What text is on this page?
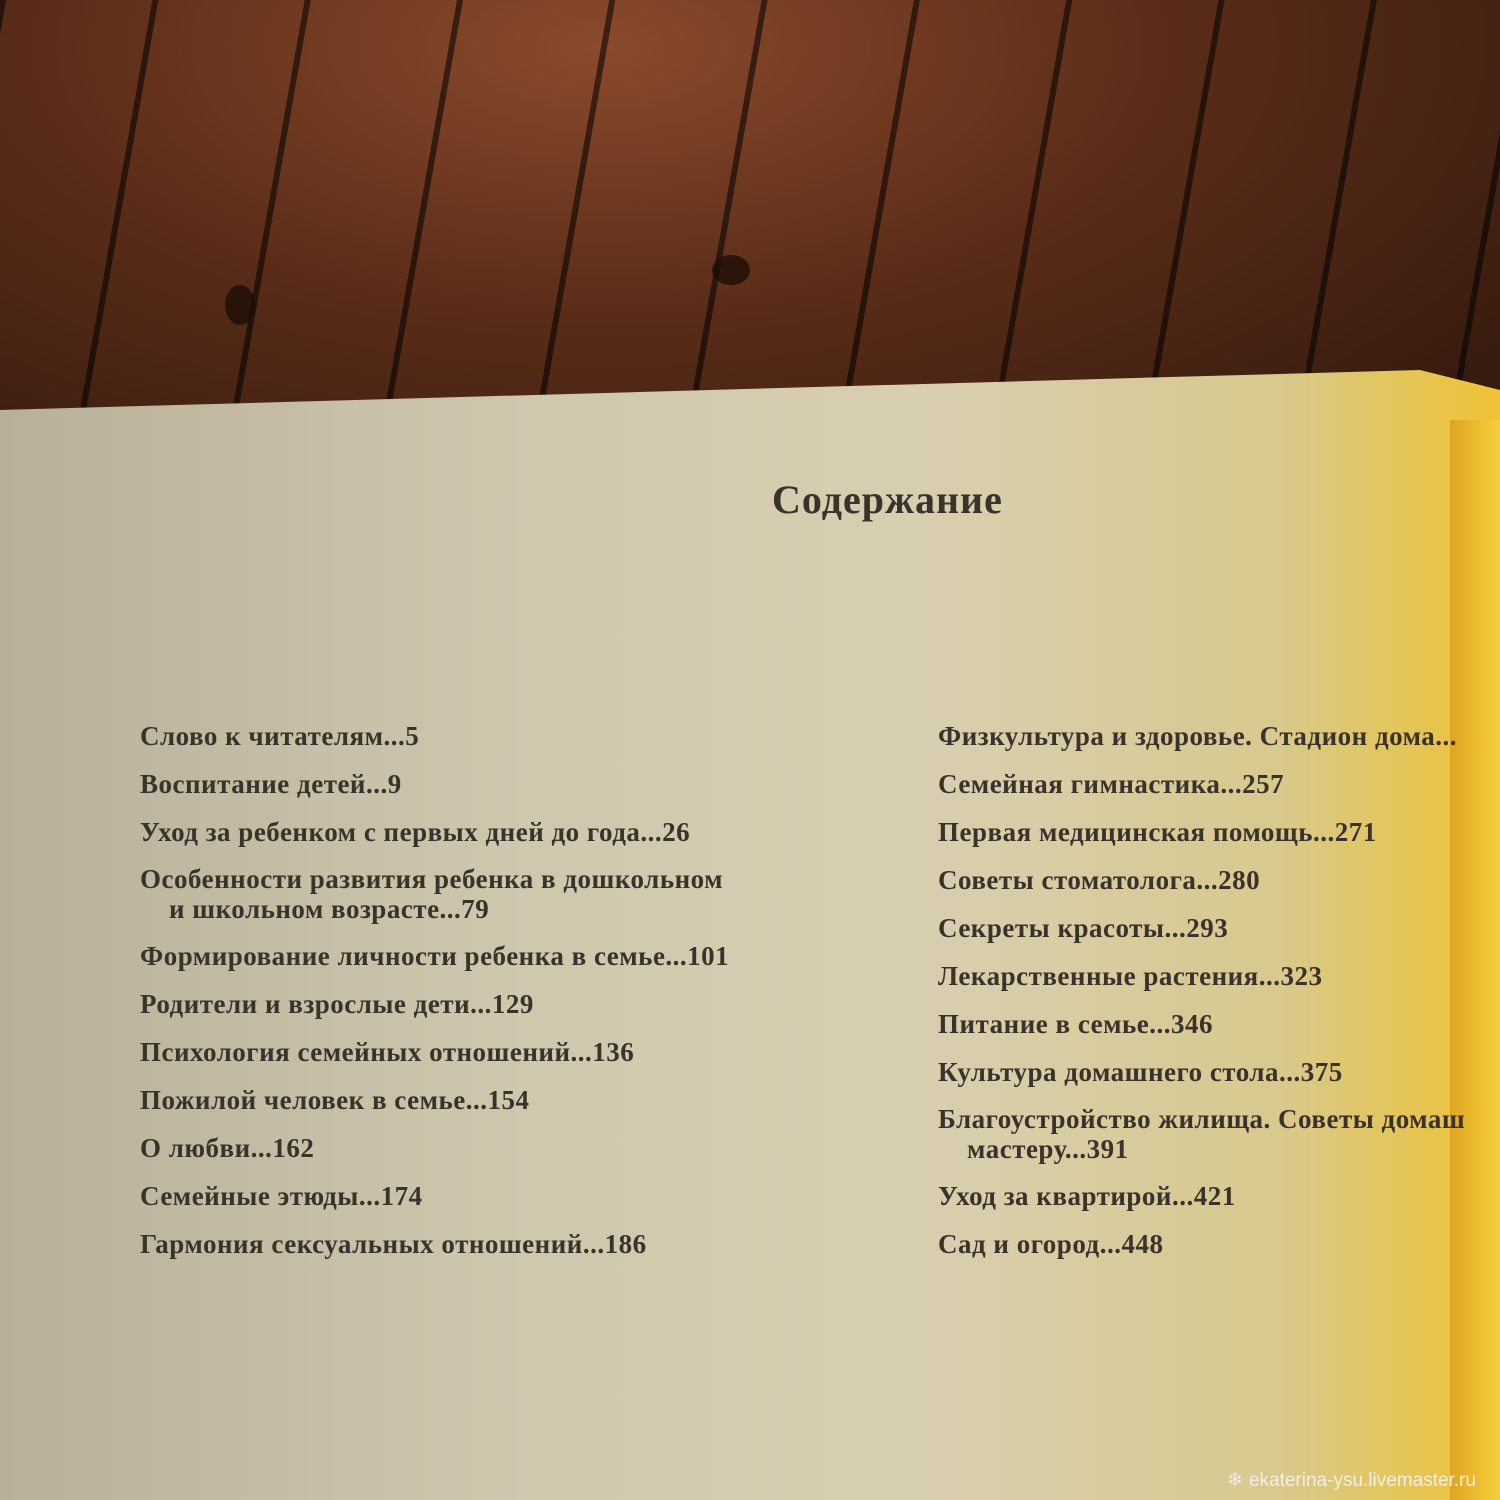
Содержание
Слово к читателям...5
Воспитание детей...9
Уход за ребенком с первых дней до года...26
Особенности развития ребенка в дошкольном
и школьном возрасте...79
Формирование личности ребенка в семье...101
Родители и взрослые дети...129
Психология семейных отношений...136
Пожилой человек в семье...154
О любви...162
Семейные этюды...174
Гармония сексуальных отношений...186
Физкультура и здоровье. Стадион дома...
Семейная гимнастика...257
Первая медицинская помощь...271
Советы стоматолога...280
Секреты красоты...293
Лекарственные растения...323
Питание в семье...346
Культура домашнего стола...375
Благоустройство жилища. Советы домаш
мастеру...391
Уход за квартирой...421
Сад и огород...448
❄ ekaterina-ysu.livemaster.ru
